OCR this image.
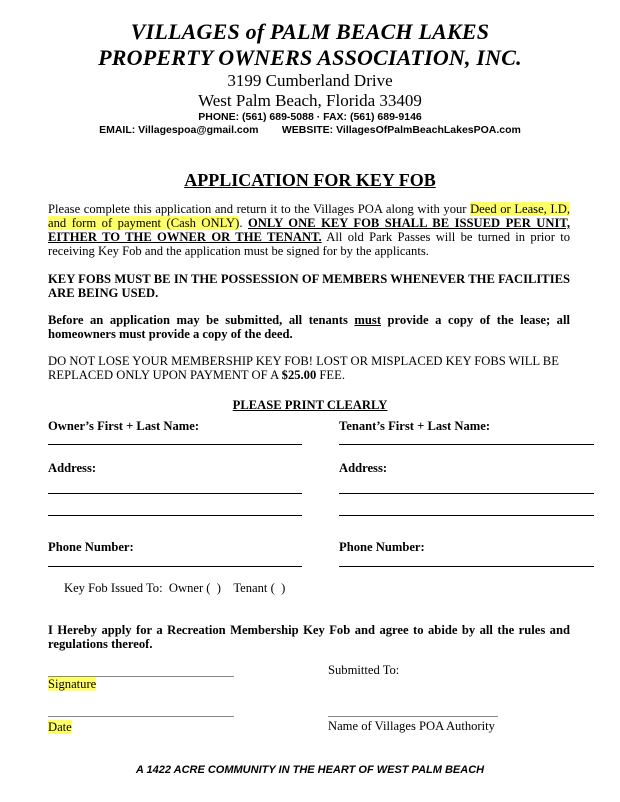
VILLAGES of PALM BEACH LAKES
PROPERTY OWNERS ASSOCIATION, INC.
3199 Cumberland Drive
West Palm Beach, Florida 33409
PHONE: (561) 689-5088 · FAX: (561) 689-9146
EMAIL: Villagespoa@gmail.com        WEBSITE: VillagesOfPalmBeachLakesPOA.com
APPLICATION FOR KEY FOB
Please complete this application and return it to the Villages POA along with your Deed or Lease, I.D, and form of payment (Cash ONLY). ONLY ONE KEY FOB SHALL BE ISSUED PER UNIT, EITHER TO THE OWNER OR THE TENANT. All old Park Passes will be turned in prior to receiving Key Fob and the application must be signed for by the applicants.
KEY FOBS MUST BE IN THE POSSESSION OF MEMBERS WHENEVER THE FACILITIES ARE BEING USED.
Before an application may be submitted, all tenants must provide a copy of the lease; all homeowners must provide a copy of the deed.
DO NOT LOSE YOUR MEMBERSHIP KEY FOB! LOST OR MISPLACED KEY FOBS WILL BE REPLACED ONLY UPON PAYMENT OF A $25.00 FEE.
PLEASE PRINT CLEARLY
Owner’s First + Last Name:	Tenant’s First + Last Name:
Address:	Address:
Phone Number:	Phone Number:
Key Fob Issued To:  Owner (  )    Tenant (  )
I Hereby apply for a Recreation Membership Key Fob and agree to abide by all the rules and regulations thereof.
Signature
Submitted To:
Date	Name of Villages POA Authority
A 1422 ACRE COMMUNITY IN THE HEART OF WEST PALM BEACH
